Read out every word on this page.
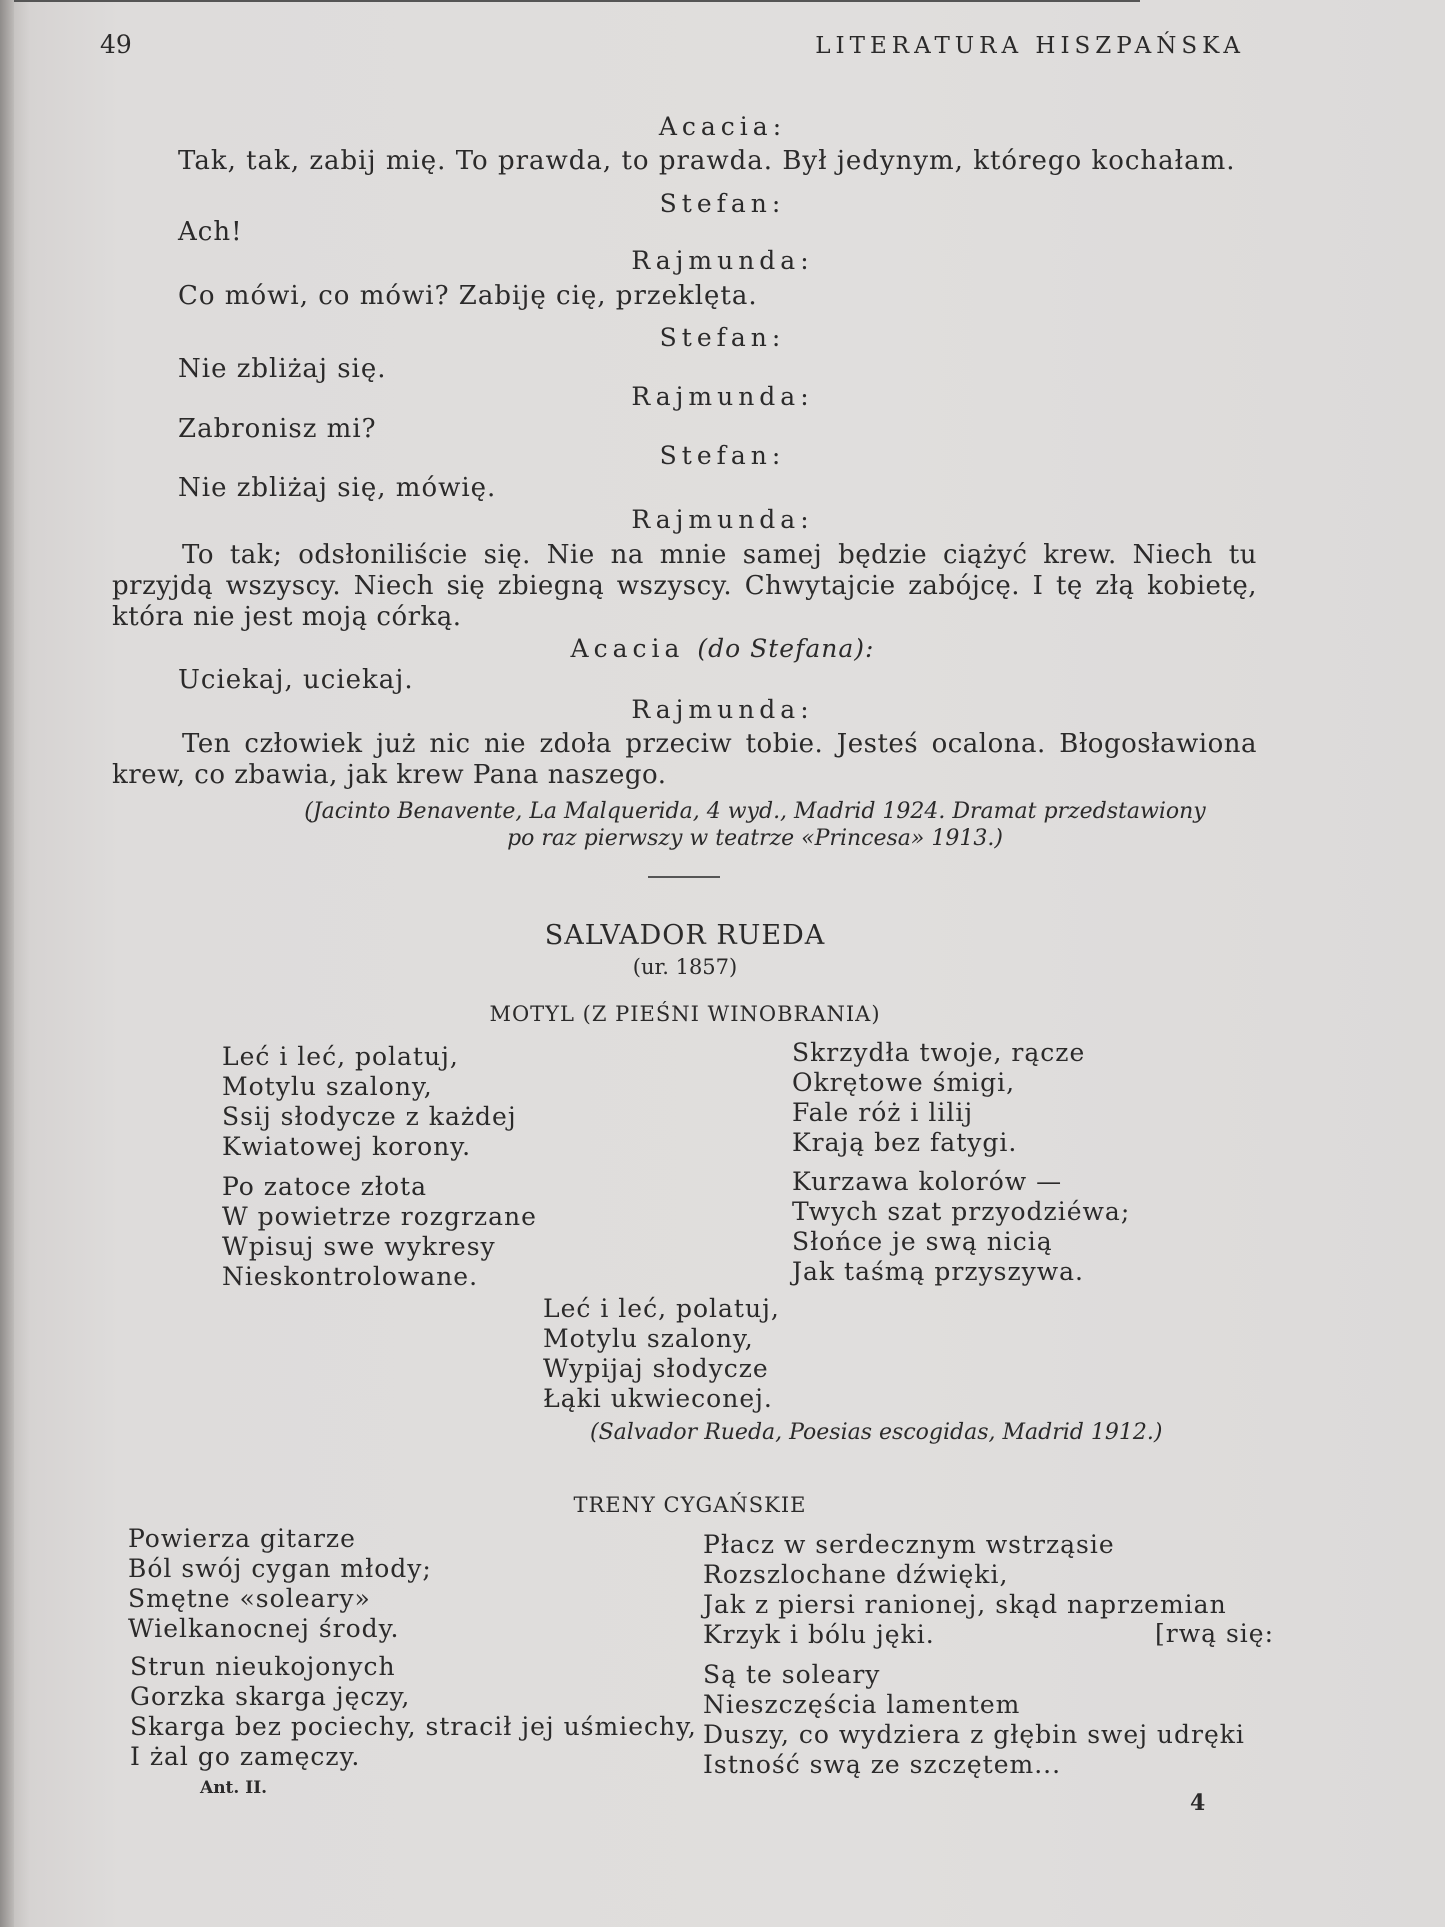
49	LITERATURA HISZPAŃSKA
Acacia:
Tak, tak, zabij mię. To prawda, to prawda. Był jedynym, którego kochałam.
Stefan:
Ach!
Rajmunda:
Co mówi, co mówi? Zabiję cię, przeklęta.
Stefan:
Nie zbliżaj się.
Rajmunda:
Zabronisz mi?
Stefan:
Nie zbliżaj się, mówię.
Rajmunda:
To tak; odsłoniliście się. Nie na mnie samej będzie ciążyć krew. Niech tu przyjdą wszyscy. Niech się zbiegną wszyscy. Chwytajcie zabójcę. I tę złą kobietę, która nie jest moją córką.
Acacia (do Stefana):
Uciekaj, uciekaj.
Rajmunda:
Ten człowiek już nic nie zdoła przeciw tobie. Jesteś ocalona. Błogosławiona krew, co zbawia, jak krew Pana naszego.
(Jacinto Benavente, La Malquerida, 4 wyd., Madrid 1924. Dramat przedstawiony
po raz pierwszy w teatrze «Princesa» 1913.)
SALVADOR RUEDA
(ur. 1857)
MOTYL (Z PIEŚNI WINOBRANIA)
Leć i leć, polatuj,
Motylu szalony,
Ssij słodycze z każdej
Kwiatowej korony.
Po zatoce złota
W powietrze rozgrzane
Wpisuj swe wykresy
Nieskontrolowane.
Skrzydła twoje, rącze
Okrętowe śmigi,
Fale róż i lilij
Krają bez fatygi.
Kurzawa kolorów —
Twych szat przyodziéwa;
Słońce je swą nicią
Jak taśmą przyszywa.
Leć i leć, polatuj,
Motylu szalony,
Wypijaj słodycze
Łąki ukwieconej.
(Salvador Rueda, Poesias escogidas, Madrid 1912.)
TRENY CYGAŃSKIE
Powierza gitarze
Ból swój cygan młody;
Smętne «soleary»
Wielkanocnej środy.
Strun nieukojonych
Gorzka skarga jęczy,
Skarga bez pociechy, stracił jej uśmiechy,
I żal go zamęczy.
Płacz w serdecznym wstrząsie
Rozszlochane dźwięki,
Jak z piersi ranionej, skąd naprzemian
Krzyk i bólu jęki.	[rwą się:
Są te soleary
Nieszczęścia lamentem
Duszy, co wydziera z głębin swej udręki
Istność swą ze szczętem...
Ant. II.
4
